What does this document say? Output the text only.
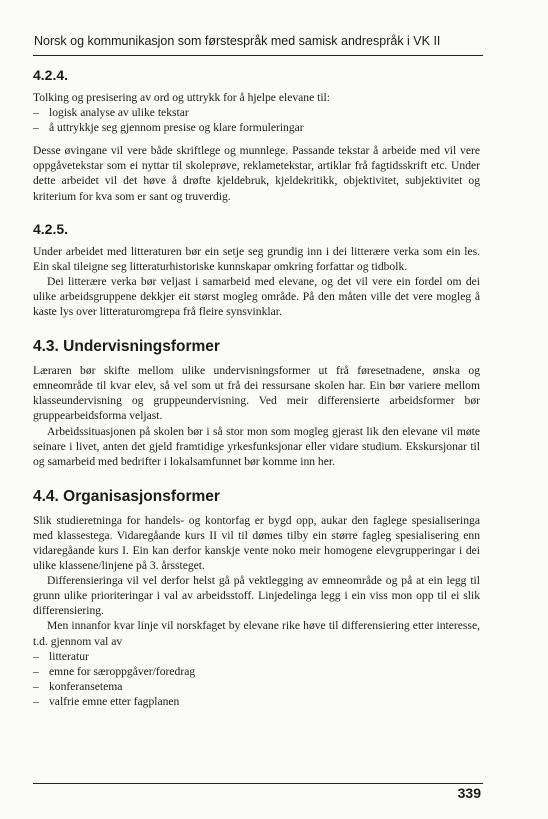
Norsk og kommunikasjon som førstespråk med samisk andrespråk i VK II
4.2.4.

Tolking og presisering av ord og uttrykk for å hjelpe elevane til:

– logisk analyse av ulike tekstar
– å uttrykkje seg gjennom presise og klare formuleringar

Desse øvingane vil vere både skriftlege og munnlege. Passande tekstar å arbeide med vil vere oppgåvetekstar som ei nyttar til skoleprøve, reklametekstar, artiklar frå fagtidsskrift etc. Under dette arbeidet vil det høve å drøfte kjeldebruk, kjeldekritikk, objektivitet, subjektivitet og kriterium for kva som er sant og truverdig.

4.2.5.

Under arbeidet med litteraturen bør ein setje seg grundig inn i dei litterære verka som ein les. Ein skal tileigne seg litteraturhistoriske kunnskapar omkring forfattar og tidbolk.

Dei litterære verka bør veljast i samarbeid med elevane, og det vil vere ein fordel om dei ulike arbeidsgruppene dekkjer eit størst mogleg område. På den måten ville det vere mogleg å kaste lys over litteraturomgrepa frå fleire synsvinklar.

4.3. Undervisningsformer

Læraren bør skifte mellom ulike undervisningsformer ut frå føresetnadene, ønska og emneområde til kvar elev, så vel som ut frå dei ressursane skolen har. Ein bør variere mellom klasseundervisning og gruppeundervisning. Ved meir differensierte arbeidsformer bør gruppearbeidsforma veljast.

Arbeidssituasjonen på skolen bør i så stor mon som mogleg gjerast lik den elevane vil møte seinare i livet, anten det gjeld framtidige yrkesfunksjonar eller vidare studium. Ekskursjonar til og samarbeid med bedrifter i lokalsamfunnet bør komme inn her.

4.4. Organisasjonsformer

Slik studieretninga for handels- og kontorfag er bygd opp, aukar den faglege spesialiseringa med klassestega. Vidaregåande kurs II vil til dømes tilby ein større fagleg spesialisering enn vidaregåande kurs I. Ein kan derfor kanskje vente noko meir homogene elevgrupperingar i dei ulike klassene/linjene på 3. årssteget.

Differensieringa vil vel derfor helst gå på vektlegging av emneområde og på at ein legg til grunn ulike prioriteringar i val av arbeidsstoff. Linjedelinga legg i ein viss mon opp til ei slik differensiering.

Men innanfor kvar linje vil norskfaget by elevane rike høve til differensiering etter interesse, t.d. gjennom val av

– litteratur
– emne for særoppgåver/foredrag
– konferansetema
– valfrie emne etter fagplanen
339
